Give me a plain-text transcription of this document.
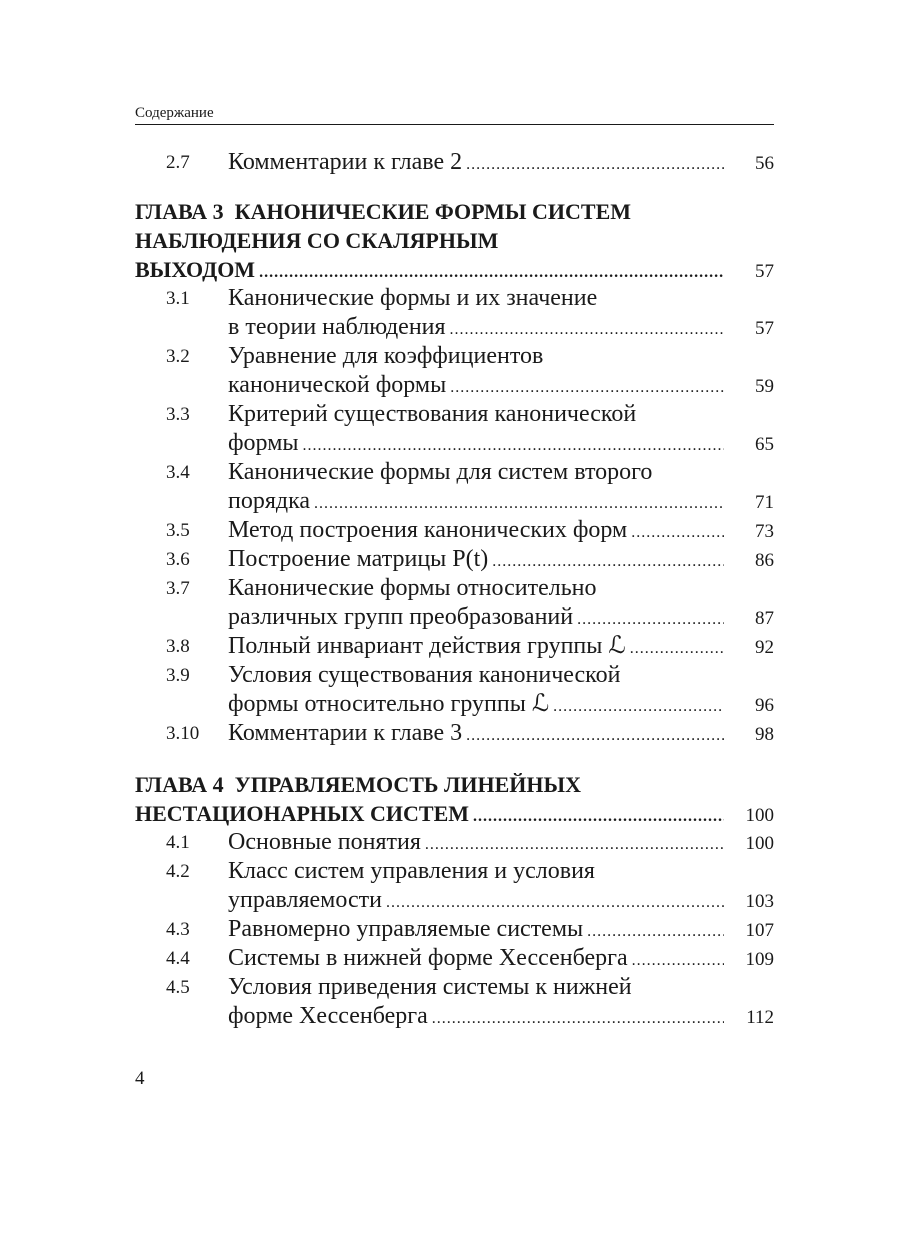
Содержание
2.7 Комментарии к главе 2 .....	56
ГЛАВА 3
КАНОНИЧЕСКИЕ ФОРМЫ СИСТЕМ
НАБЛЮДЕНИЯ СО СКАЛЯРНЫМ
ВЫХОДОМ .....	57
3.1 Канонические формы и их значение
в теории наблюдения .....	57
3.2 Уравнение для коэффициентов
канонической формы .....	59
3.3 Критерий существования канонической
формы .....	65
3.4 Канонические формы для систем второго
порядка .....	71
3.5 Метод построения канонических форм .....	73
3.6 Построение матрицы P(t) .....	86
3.7 Канонические формы относительно
различных групп преобразований .....	87
3.8 Полный инвариант действия группы ℒ .....	92
3.9 Условия существования канонической
формы относительно группы ℒ .....	96
3.10 Комментарии к главе 3 .....	98
ГЛАВА 4
УПРАВЛЯЕМОСТЬ ЛИНЕЙНЫХ
НЕСТАЦИОНАРНЫХ СИСТЕМ .....	100
4.1 Основные понятия .....	100
4.2 Класс систем управления и условия
управляемости .....	103
4.3 Равномерно управляемые системы .....	107
4.4 Системы в нижней форме Хессенберга .....	109
4.5 Условия приведения системы к нижней
форме Хессенберга .....	112
4
